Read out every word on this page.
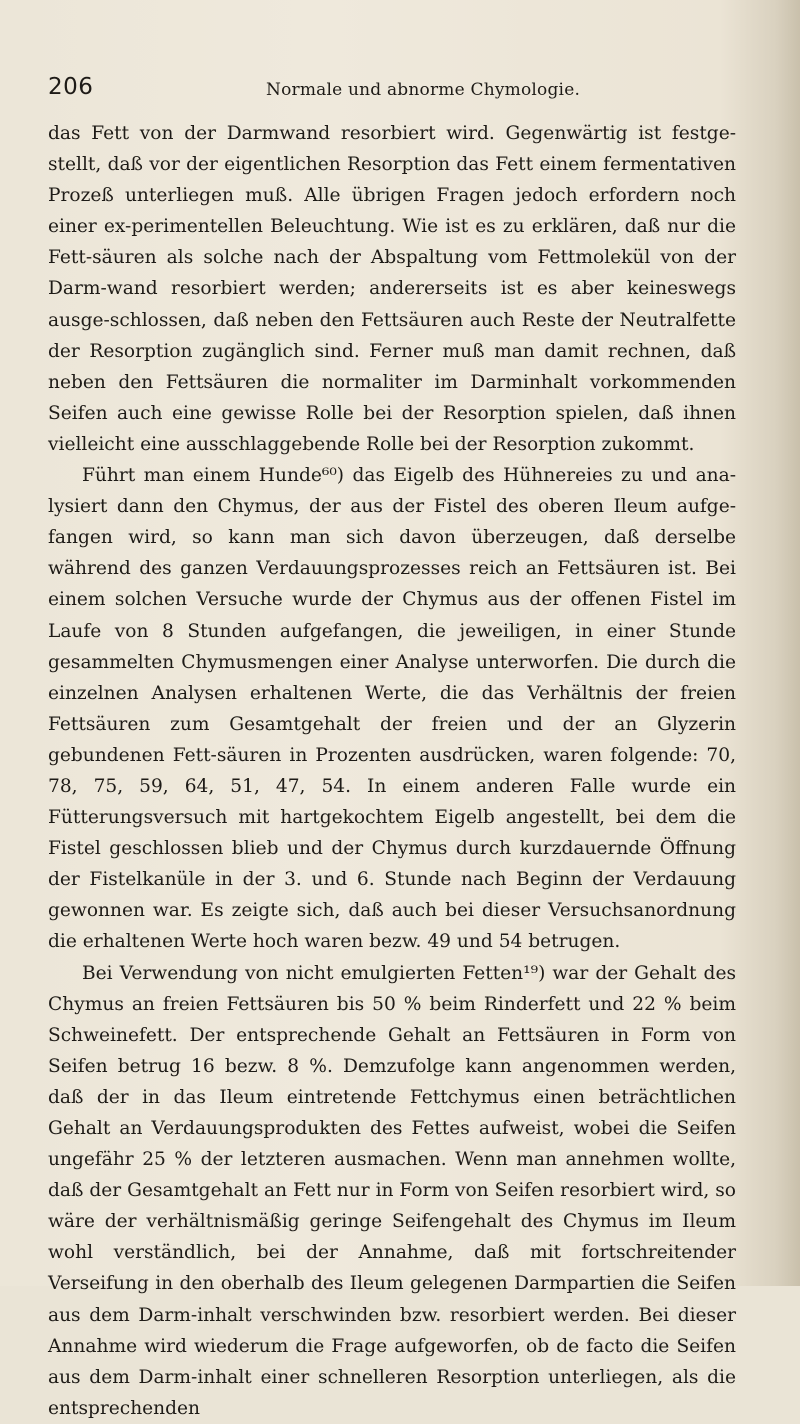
206	Normale und abnorme Chymologie.

das Fett von der Darmwand resorbiert wird. Gegenwärtig ist festge-stellt, daß vor der eigentlichen Resorption das Fett einem fermentativen Prozeß unterliegen muß. Alle übrigen Fragen jedoch erfordern noch einer ex-perimentellen Beleuchtung. Wie ist es zu erklären, daß nur die Fett-säuren als solche nach der Abspaltung vom Fettmolekül von der Darm-wand resorbiert werden; andererseits ist es aber keineswegs ausge-schlossen, daß neben den Fettsäuren auch Reste der Neutralfette der Resorption zugänglich sind. Ferner muß man damit rechnen, daß neben den Fettsäuren die normaliter im Darminhalt vorkommenden Seifen auch eine gewisse Rolle bei der Resorption spielen, daß ihnen vielleicht eine ausschlaggebende Rolle bei der Resorption zukommt.

Führt man einem Hunde⁶⁰) das Eigelb des Hühnereies zu und ana-lysiert dann den Chymus, der aus der Fistel des oberen Ileum aufge-fangen wird, so kann man sich davon überzeugen, daß derselbe während des ganzen Verdauungsprozesses reich an Fettsäuren ist. Bei einem solchen Versuche wurde der Chymus aus der offenen Fistel im Laufe von 8 Stunden aufgefangen, die jeweiligen, in einer Stunde gesammelten Chymusmengen einer Analyse unterworfen. Die durch die einzelnen Analysen erhaltenen Werte, die das Verhältnis der freien Fettsäuren zum Gesamtgehalt der freien und der an Glyzerin gebundenen Fett-säuren in Prozenten ausdrücken, waren folgende: 70, 78, 75, 59, 64, 51, 47, 54. In einem anderen Falle wurde ein Fütterungsversuch mit hartgekochtem Eigelb angestellt, bei dem die Fistel geschlossen blieb und der Chymus durch kurzdauernde Öffnung der Fistelkanüle in der 3. und 6. Stunde nach Beginn der Verdauung gewonnen war. Es zeigte sich, daß auch bei dieser Versuchsanordnung die erhaltenen Werte hoch waren bezw. 49 und 54 betrugen.

Bei Verwendung von nicht emulgierten Fetten¹⁹) war der Gehalt des Chymus an freien Fettsäuren bis 50 % beim Rinderfett und 22 % beim Schweinefett. Der entsprechende Gehalt an Fettsäuren in Form von Seifen betrug 16 bezw. 8 %. Demzufolge kann angenommen werden, daß der in das Ileum eintretende Fettchymus einen beträchtlichen Gehalt an Verdauungsprodukten des Fettes aufweist, wobei die Seifen ungefähr 25 % der letzteren ausmachen. Wenn man annehmen wollte, daß der Gesamtgehalt an Fett nur in Form von Seifen resorbiert wird, so wäre der verhältnismäßig geringe Seifengehalt des Chymus im Ileum wohl verständlich, bei der Annahme, daß mit fortschreitender Verseifung in den oberhalb des Ileum gelegenen Darmpartien die Seifen aus dem Darm-inhalt verschwinden bzw. resorbiert werden. Bei dieser Annahme wird wiederum die Frage aufgeworfen, ob de facto die Seifen aus dem Darm-inhalt einer schnelleren Resorption unterliegen, als die entsprechenden
